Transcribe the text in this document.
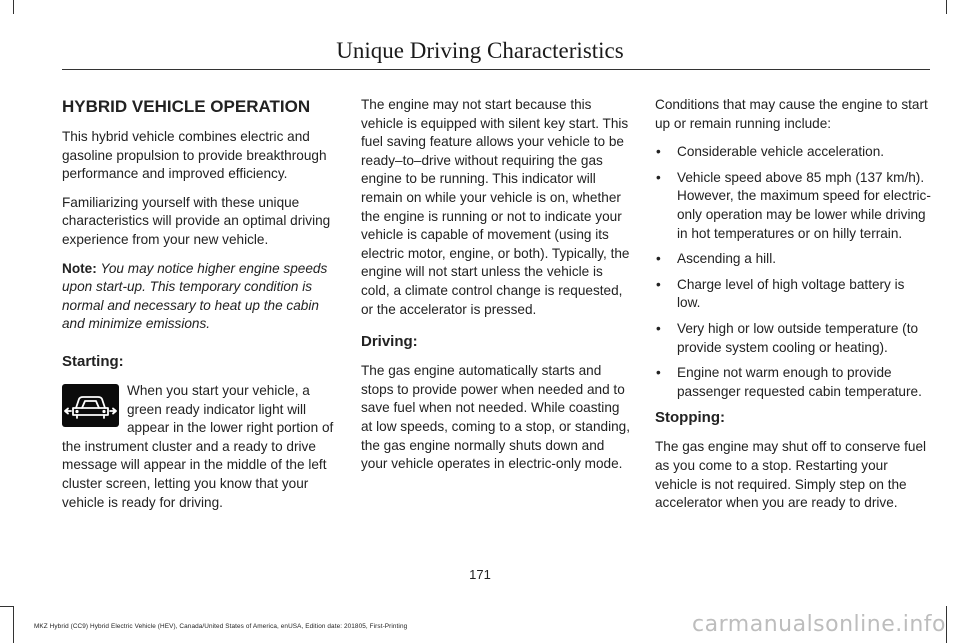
Unique Driving Characteristics

HYBRID VEHICLE OPERATION

This hybrid vehicle combines electric and gasoline propulsion to provide breakthrough performance and improved efficiency.

Familiarizing yourself with these unique characteristics will provide an optimal driving experience from your new vehicle.

Note: You may notice higher engine speeds upon start-up. This temporary condition is normal and necessary to heat up the cabin and minimize emissions.

Starting:

When you start your vehicle, a green ready indicator light will appear in the lower right portion of the instrument cluster and a ready to drive message will appear in the middle of the left cluster screen, letting you know that your vehicle is ready for driving.

The engine may not start because this vehicle is equipped with silent key start. This fuel saving feature allows your vehicle to be ready–to–drive without requiring the gas engine to be running. This indicator will remain on while your vehicle is on, whether the engine is running or not to indicate your vehicle is capable of movement (using its electric motor, engine, or both). Typically, the engine will not start unless the vehicle is cold, a climate control change is requested, or the accelerator is pressed.

Driving:

The gas engine automatically starts and stops to provide power when needed and to save fuel when not needed. While coasting at low speeds, coming to a stop, or standing, the gas engine normally shuts down and your vehicle operates in electric-only mode.

Conditions that may cause the engine to start up or remain running include:

• Considerable vehicle acceleration.
• Vehicle speed above 85 mph (137 km/h). However, the maximum speed for electric-only operation may be lower while driving in hot temperatures or on hilly terrain.
• Ascending a hill.
• Charge level of high voltage battery is low.
• Very high or low outside temperature (to provide system cooling or heating).
• Engine not warm enough to provide passenger requested cabin temperature.

Stopping:

The gas engine may shut off to conserve fuel as you come to a stop. Restarting your vehicle is not required. Simply step on the accelerator when you are ready to drive.

171
MKZ Hybrid (CC9) Hybrid Electric Vehicle (HEV), Canada/United States of America, enUSA, Edition date: 201805, First-Printing	carmanualsonline.info
